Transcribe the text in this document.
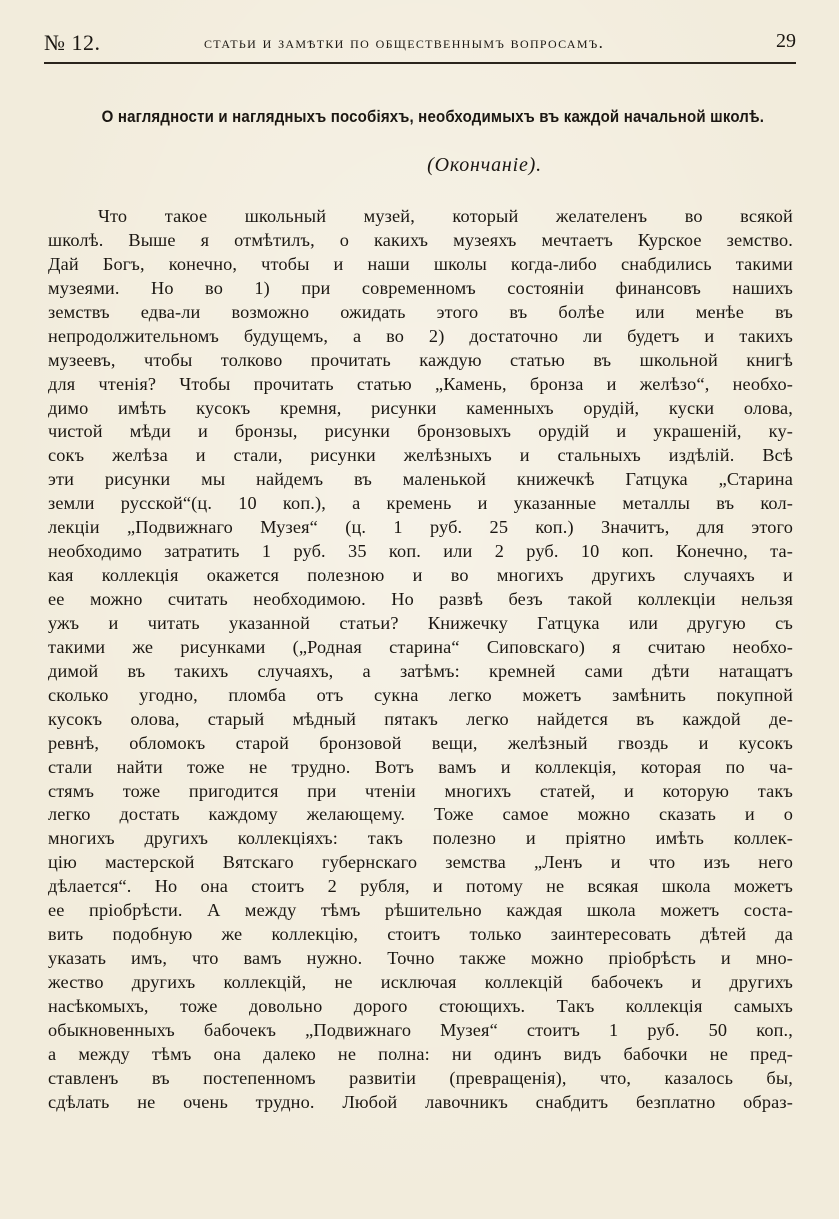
№ 12.	статьи и замѣтки по общественнымъ вопросамъ.	29
О наглядности и наглядныхъ пособіяхъ, необходимыхъ въ каждой начальной школѣ.
(Окончаніе).
Что такое школьный музей, который желателенъ во всякой
школѣ. Выше я отмѣтилъ, о какихъ музеяхъ мечтаетъ Курское земство.
Дай Богъ, конечно, чтобы и наши школы когда-либо снабдились такими
музеями. Но во 1) при современномъ состояніи финансовъ нашихъ
земствъ едва-ли возможно ожидать этого въ болѣе или менѣе въ
непродолжительномъ будущемъ, а во 2) достаточно ли будетъ и такихъ
музеевъ, чтобы толково прочитать каждую статью въ школьной книгѣ
для чтенія? Чтобы прочитать статью „Камень, бронза и желѣзо“, необхо-
димо имѣть кусокъ кремня, рисунки каменныхъ орудій, куски олова,
чистой мѣди и бронзы, рисунки бронзовыхъ орудій и украшеній, ку-
сокъ желѣза и стали, рисунки желѣзныхъ и стальныхъ издѣлій. Всѣ
эти рисунки мы найдемъ въ маленькой книжечкѣ Гатцука „Старина
земли русской“(ц. 10 коп.), а кремень и указанные металлы въ кол-
лекціи „Подвижнаго Музея“ (ц. 1 руб. 25 коп.) Значитъ, для этого
необходимо затратить 1 руб. 35 коп. или 2 руб. 10 коп. Конечно, та-
кая коллекція окажется полезною и во многихъ другихъ случаяхъ и
ее можно считать необходимою. Но развѣ безъ такой коллекціи нельзя
ужъ и читать указанной статьи? Книжечку Гатцука или другую съ
такими же рисунками („Родная старина“ Сиповскаго) я считаю необхо-
димой въ такихъ случаяхъ, а затѣмъ: кремней сами дѣти натащатъ
сколько угодно, пломба отъ сукна легко можетъ замѣнить покупной
кусокъ олова, старый мѣдный пятакъ легко найдется въ каждой де-
ревнѣ, обломокъ старой бронзовой вещи, желѣзный гвоздь и кусокъ
стали найти тоже не трудно. Вотъ вамъ и коллекція, которая по ча-
стямъ тоже пригодится при чтеніи многихъ статей, и которую такъ
легко достать каждому желающему. Тоже самое можно сказать и о
многихъ другихъ коллекціяхъ: такъ полезно и пріятно имѣть коллек-
цію мастерской Вятскаго губернскаго земства „Ленъ и что изъ него
дѣлается“. Но она стоитъ 2 рубля, и потому не всякая школа можетъ
ее пріобрѣсти. А между тѣмъ рѣшительно каждая школа можетъ соста-
вить подобную же коллекцію, стоитъ только заинтересовать дѣтей да
указать имъ, что вамъ нужно. Точно также можно пріобрѣсть и мно-
жество другихъ коллекцій, не исключая коллекцій бабочекъ и другихъ
насѣкомыхъ, тоже довольно дорого стоющихъ. Такъ коллекція самыхъ
обыкновенныхъ бабочекъ „Подвижнаго Музея“ стоитъ 1 руб. 50 коп.,
а между тѣмъ она далеко не полна: ни одинъ видъ бабочки не пред-
ставленъ въ постепенномъ развитіи (превращенія), что, казалось бы,
сдѣлать не очень трудно. Любой лавочникъ снабдитъ безплатно образ-
